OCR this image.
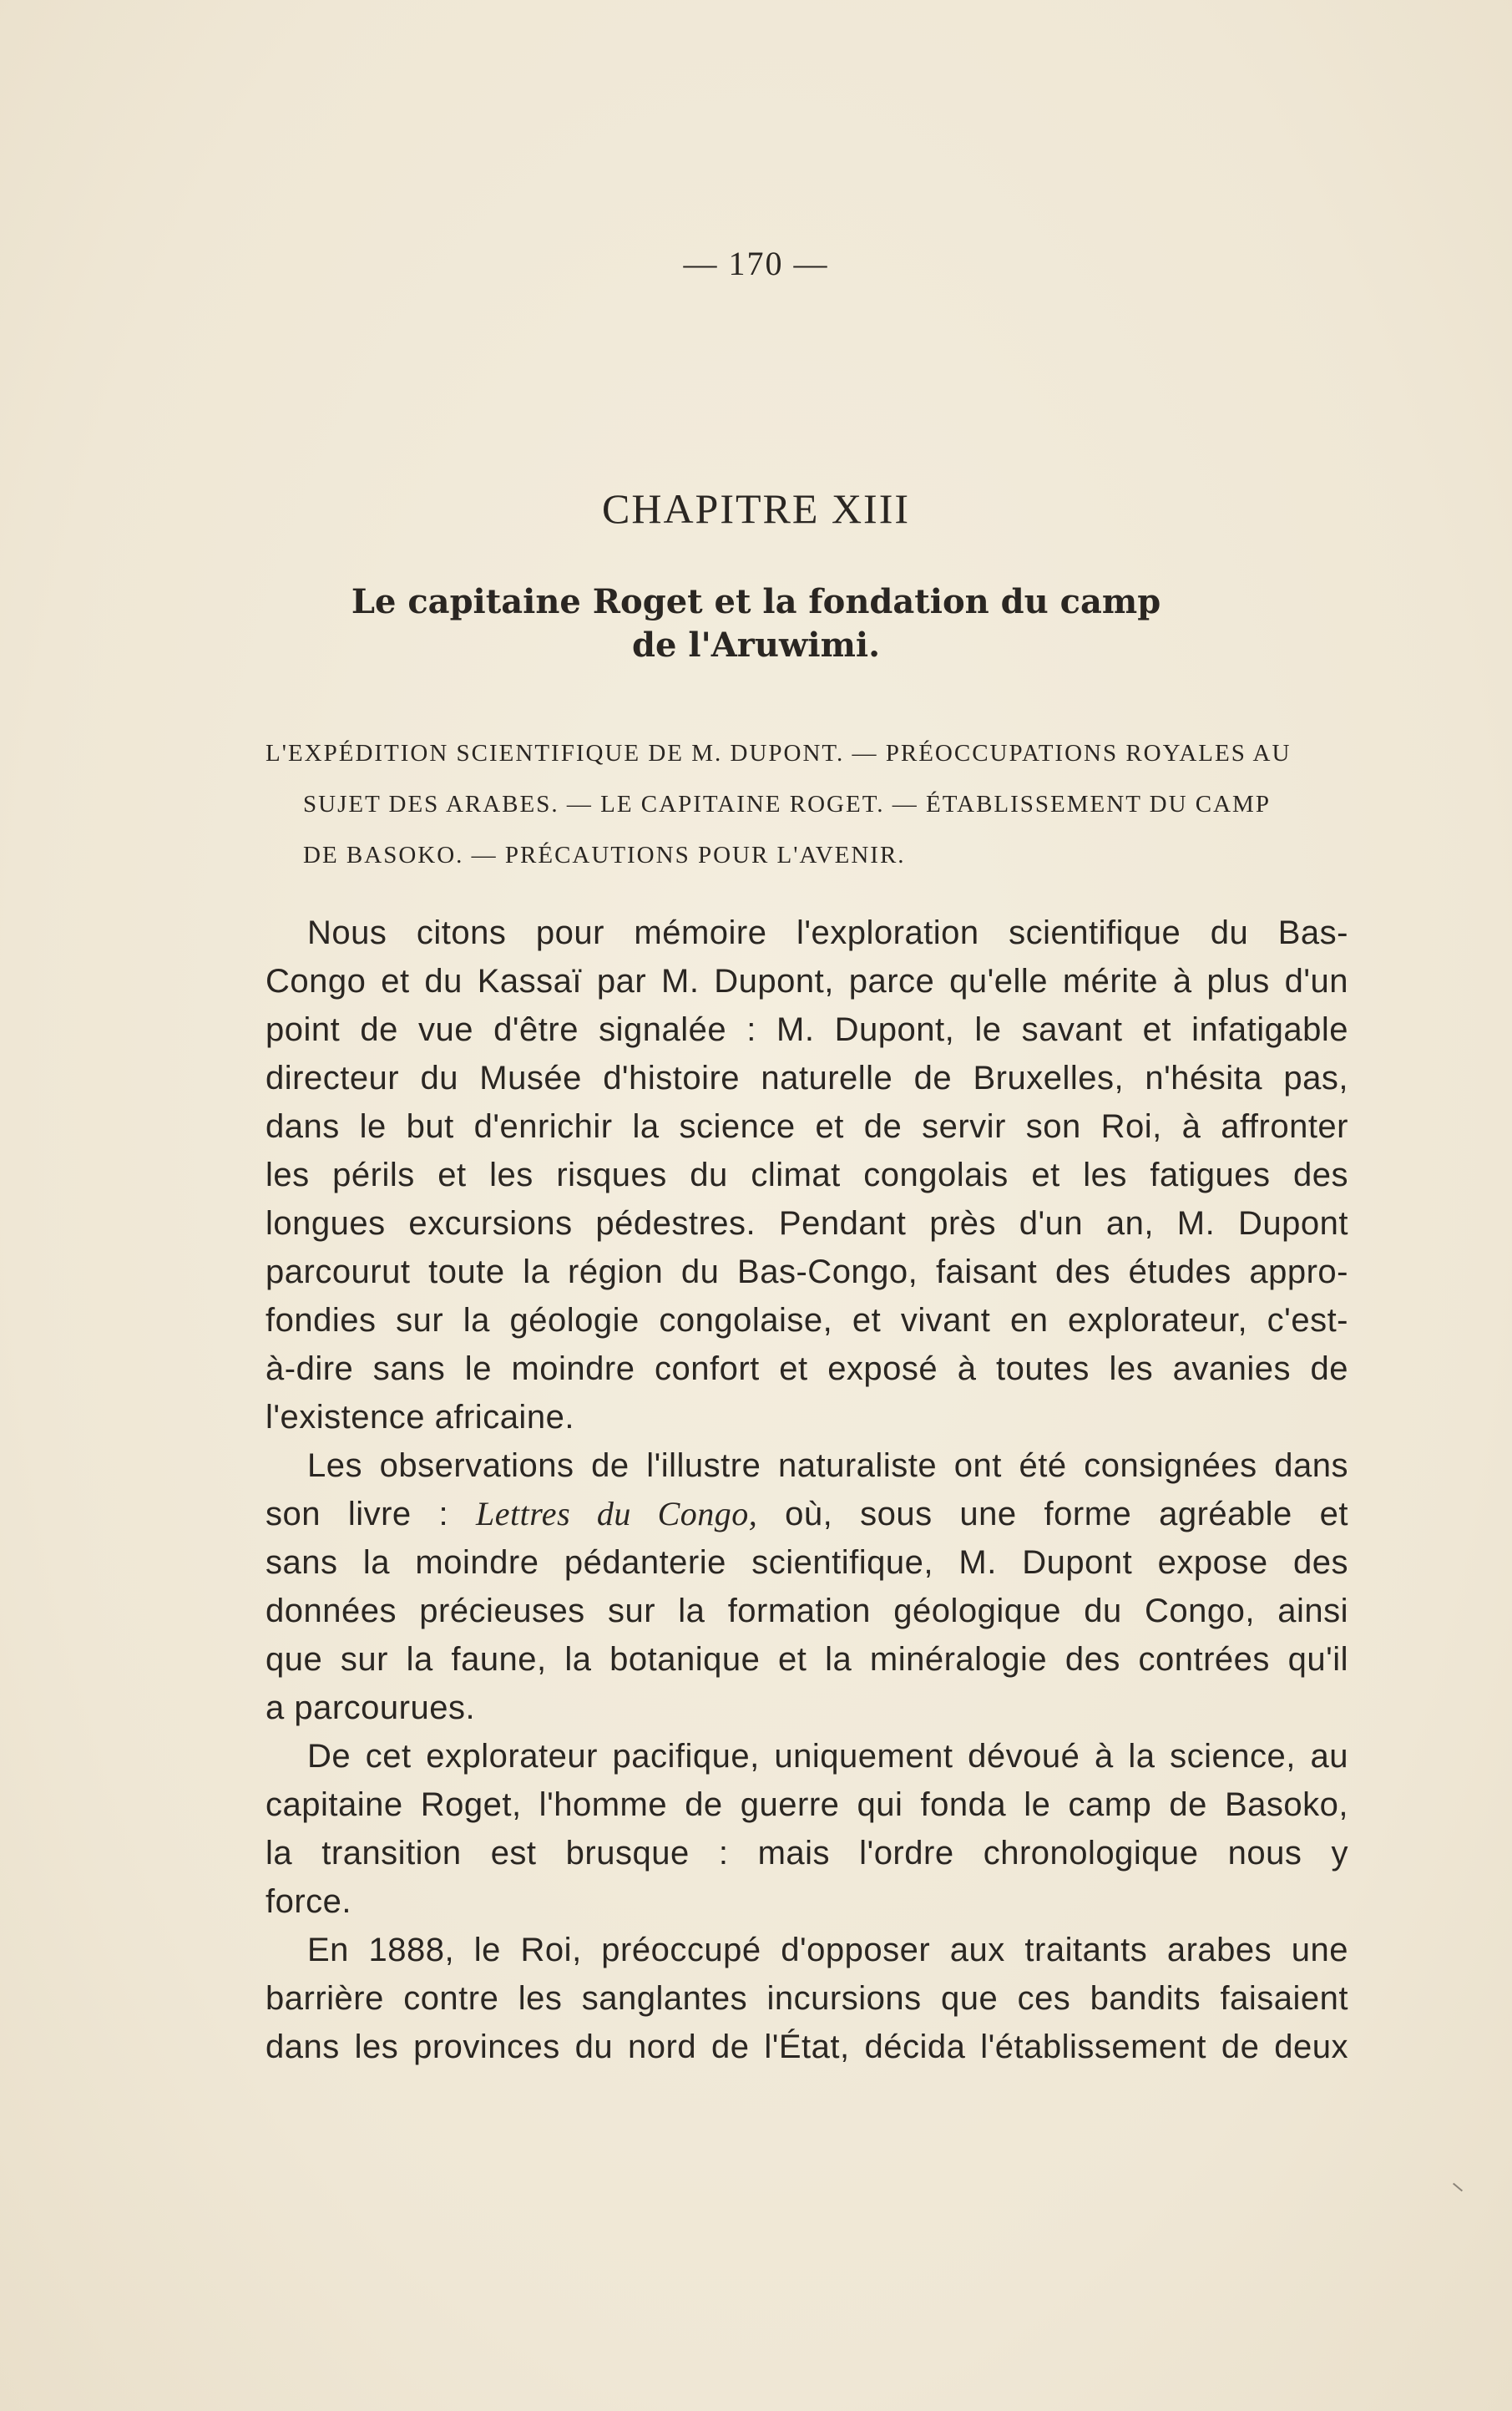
— 170 —
CHAPITRE XIII
Le capitaine Roget et la fondation du camp
de l'Aruwimi.
L'EXPÉDITION SCIENTIFIQUE DE M. DUPONT. — PRÉOCCUPATIONS ROYALES AU
SUJET DES ARABES. — LE CAPITAINE ROGET. — ÉTABLISSEMENT DU CAMP
DE BASOKO. — PRÉCAUTIONS POUR L'AVENIR.
Nous citons pour mémoire l'exploration scientifique du Bas-
Congo et du Kassaï par M. Dupont, parce qu'elle mérite à plus d'un
point de vue d'être signalée : M. Dupont, le savant et infatigable
directeur du Musée d'histoire naturelle de Bruxelles, n'hésita pas,
dans le but d'enrichir la science et de servir son Roi, à affronter
les périls et les risques du climat congolais et les fatigues des
longues excursions pédestres. Pendant près d'un an, M. Dupont
parcourut toute la région du Bas-Congo, faisant des études appro-
fondies sur la géologie congolaise, et vivant en explorateur, c'est-
à-dire sans le moindre confort et exposé à toutes les avanies de
l'existence africaine.
Les observations de l'illustre naturaliste ont été consignées dans
son livre : Lettres du Congo, où, sous une forme agréable et
sans la moindre pédanterie scientifique, M. Dupont expose des
données précieuses sur la formation géologique du Congo, ainsi
que sur la faune, la botanique et la minéralogie des contrées qu'il
a parcourues.
De cet explorateur pacifique, uniquement dévoué à la science, au
capitaine Roget, l'homme de guerre qui fonda le camp de Basoko,
la transition est brusque : mais l'ordre chronologique nous y
force.
En 1888, le Roi, préoccupé d'opposer aux traitants arabes une
barrière contre les sanglantes incursions que ces bandits faisaient
dans les provinces du nord de l'État, décida l'établissement de deux
